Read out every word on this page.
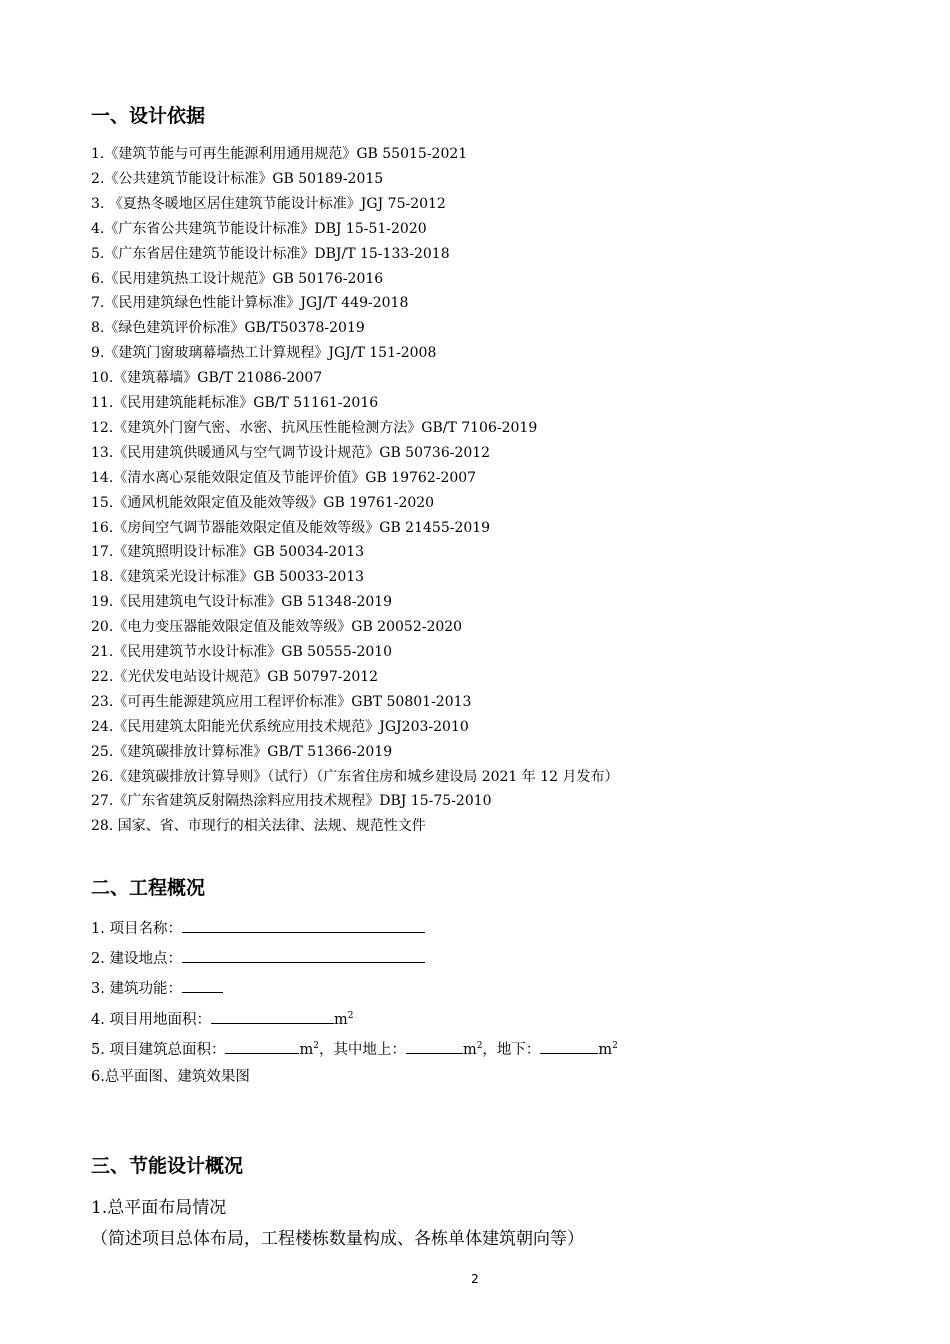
一、设计依据
1.《建筑节能与可再生能源利用通用规范》GB 55015-2021
2.《公共建筑节能设计标准》GB 50189-2015
3. 《夏热冬暖地区居住建筑节能设计标准》JGJ 75-2012
4.《广东省公共建筑节能设计标准》DBJ 15-51-2020
5.《广东省居住建筑节能设计标准》DBJ/T 15-133-2018
6.《民用建筑热工设计规范》GB 50176-2016
7.《民用建筑绿色性能计算标准》JGJ/T 449-2018
8.《绿色建筑评价标准》GB/T50378-2019
9.《建筑门窗玻璃幕墙热工计算规程》JGJ/T 151-2008
10.《建筑幕墙》GB/T 21086-2007
11.《民用建筑能耗标准》GB/T 51161-2016
12.《建筑外门窗气密、水密、抗风压性能检测方法》GB/T 7106-2019
13.《民用建筑供暖通风与空气调节设计规范》GB 50736-2012
14.《清水离心泵能效限定值及节能评价值》GB 19762-2007
15.《通风机能效限定值及能效等级》GB 19761-2020
16.《房间空气调节器能效限定值及能效等级》GB 21455-2019
17.《建筑照明设计标准》GB 50034-2013
18.《建筑采光设计标准》GB 50033-2013
19.《民用建筑电气设计标准》GB 51348-2019
20.《电力变压器能效限定值及能效等级》GB 20052-2020
21.《民用建筑节水设计标准》GB 50555-2010
22.《光伏发电站设计规范》GB 50797-2012
23.《可再生能源建筑应用工程评价标准》GBT 50801-2013
24.《民用建筑太阳能光伏系统应用技术规范》JGJ203-2010
25.《建筑碳排放计算标准》GB/T 51366-2019
26.《建筑碳排放计算导则》（试行）（广东省住房和城乡建设局 2021 年 12 月发布）
27.《广东省建筑反射隔热涂料应用技术规程》DBJ 15-75-2010
28. 国家、省、市现行的相关法律、法规、规范性文件
二、工程概况
1. 项目名称：
2. 建设地点：
3. 建筑功能：
4. 项目用地面积：	$m^2$
5. 项目建筑总面积：	$m^2$，其中地上：	$m^2$，地下：	$m^2$
6.总平面图、建筑效果图
三、节能设计概况
1.总平面布局情况
（简述项目总体布局，工程楼栋数量构成、各栋单体建筑朝向等）
2
